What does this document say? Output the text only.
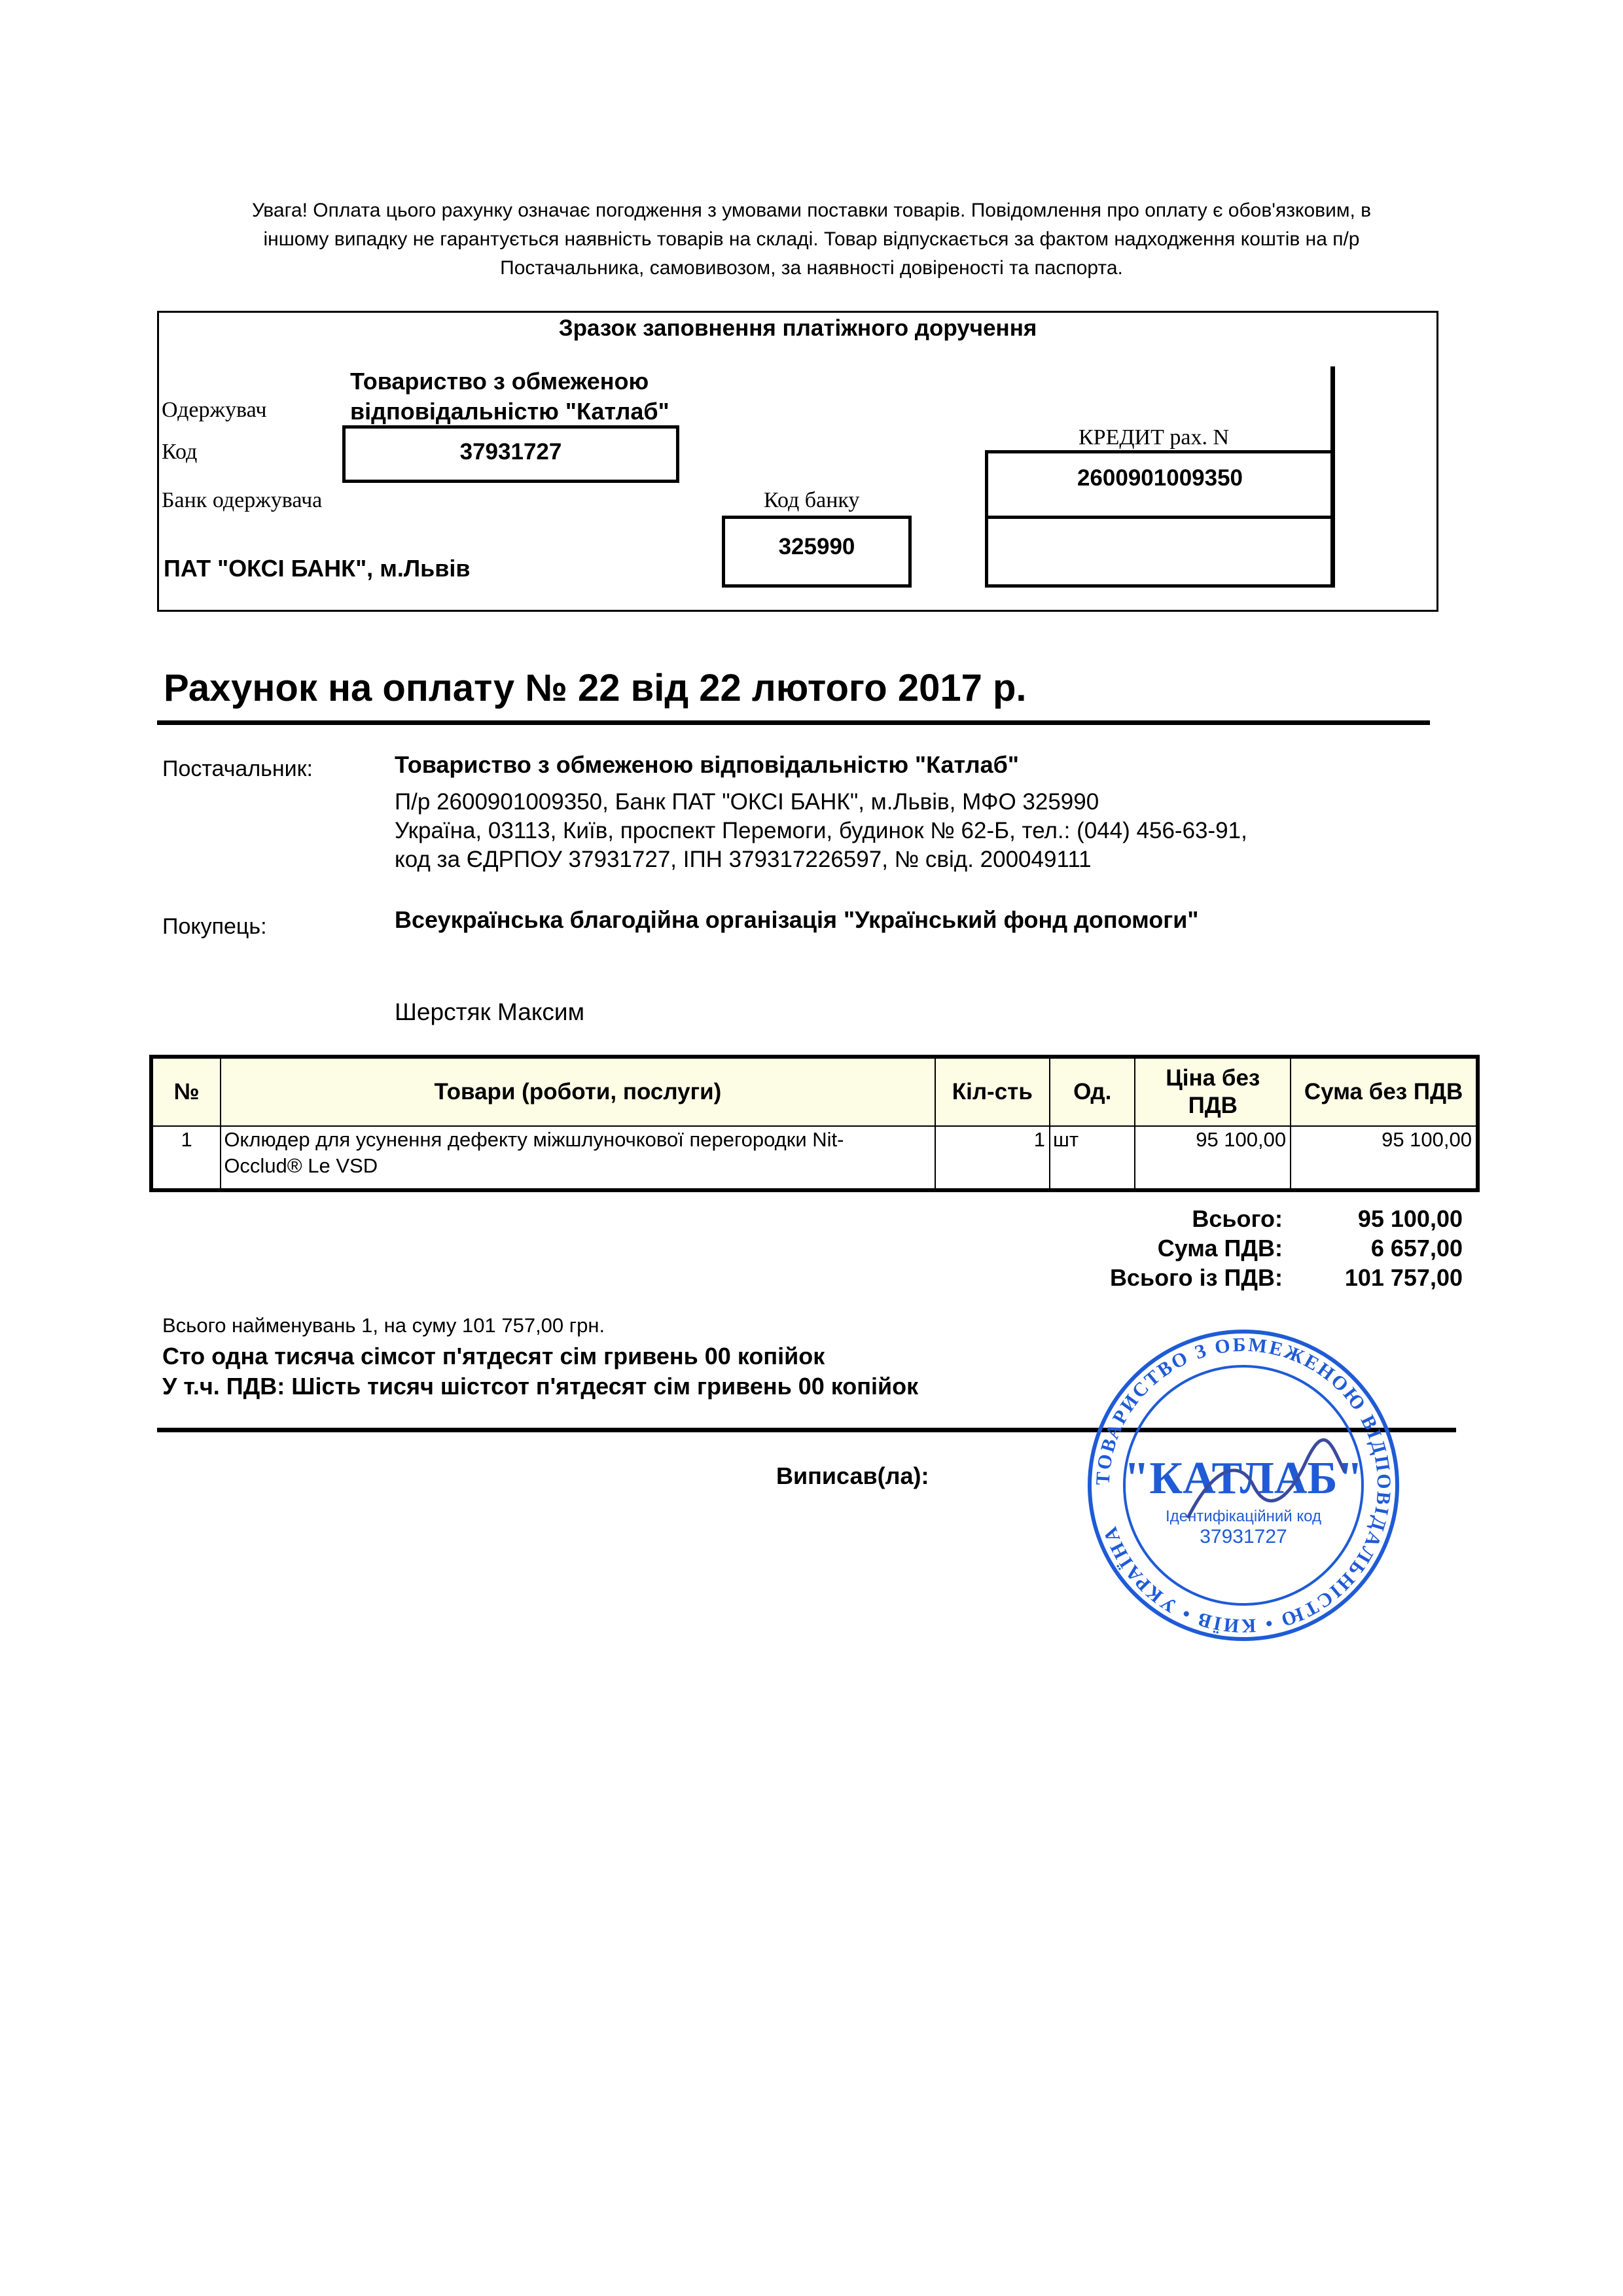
Увага! Оплата цього рахунку означає погодження з умовами поставки товарів. Повідомлення про оплату є обов'язковим, в
іншому випадку не гарантується наявність товарів на складі. Товар відпускається за фактом надходження коштів на п/р
Постачальника, самовивозом, за наявності довіреності та паспорта.
Зразок заповнення платіжного доручення
Товариство з обмеженою
відповідальністю "Катлаб"
Одержувач
Код	37931727
Банк одержувача
ПАТ "ОКСІ БАНК", м.Львів
Код банку
325990
КРЕДИТ рах. N
2600901009350
Рахунок на оплату № 22 від 22 лютого 2017 р.
Постачальник:	Товариство з обмеженою відповідальністю "Катлаб"
П/р 2600901009350, Банк ПАТ "ОКСІ БАНК", м.Львів, МФО 325990
Україна, 03113, Київ, проспект Перемоги, будинок № 62-Б, тел.: (044) 456-63-91,
код за ЄДРПОУ 37931727, ІПН 379317226597, № свід. 200049111
Покупець:	Всеукраїнська благодійна організація "Український фонд допомоги"
Шерстяк Максим
№	Товари (роботи, послуги)	Кіл-сть	Од.	Ціна без
ПДВ	Сума без ПДВ
1	Оклюдер для усунення дефекту міжшлуночкової перегородки Nit-
Occlud® Le VSD	1	шт	95 100,00	95 100,00
Всього:	95 100,00
Сума ПДВ:	6 657,00
Всього із ПДВ:	101 757,00
Всього найменувань 1, на суму 101 757,00 грн.
Сто одна тисяча сімсот п'ятдесят сім гривень 00 копійок
У т.ч. ПДВ: Шість тисяч шістсот п'ятдесят сім гривень 00 копійок
Виписав(ла):	ТОВАРИСТВО З ОБМЕЖЕНОЮ ВІДПОВІДАЛЬНІСТЮ • КИЇВ • УКРАЇНА
"КАТЛАБ"
Ідентифікаційний код
37931727
